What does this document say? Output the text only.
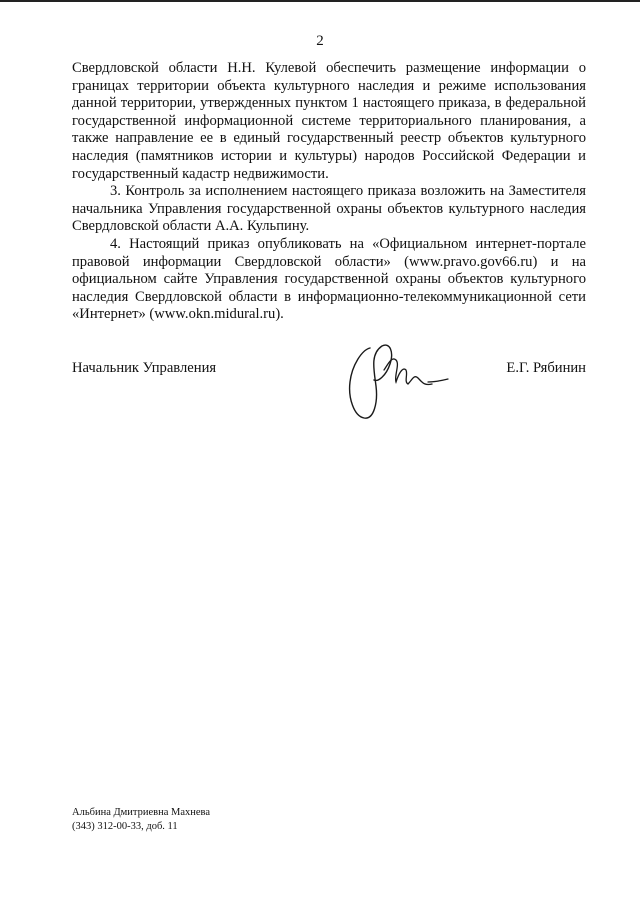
2

Свердловской области Н.Н. Кулевой обеспечить размещение информации о границах территории объекта культурного наследия и режиме использования данной территории, утвержденных пунктом 1 настоящего приказа, в федеральной государственной информационной системе территориального планирования, а также направление ее в единый государственный реестр объектов культурного наследия (памятников истории и культуры) народов Российской Федерации и государственный кадастр недвижимости.

3. Контроль за исполнением настоящего приказа возложить на Заместителя начальника Управления государственной охраны объектов культурного наследия Свердловской области А.А. Кульпину.

4. Настоящий приказ опубликовать на «Официальном интернет-портале правовой информации Свердловской области» (www.pravo.gov66.ru) и на официальном сайте Управления государственной охраны объектов культурного наследия Свердловской области в информационно-телекоммуникационной сети «Интернет» (www.okn.midural.ru).

Начальник Управления	Е.Г. Рябинин
Альбина Дмитриевна Махнева
(343) 312-00-33, доб. 11
